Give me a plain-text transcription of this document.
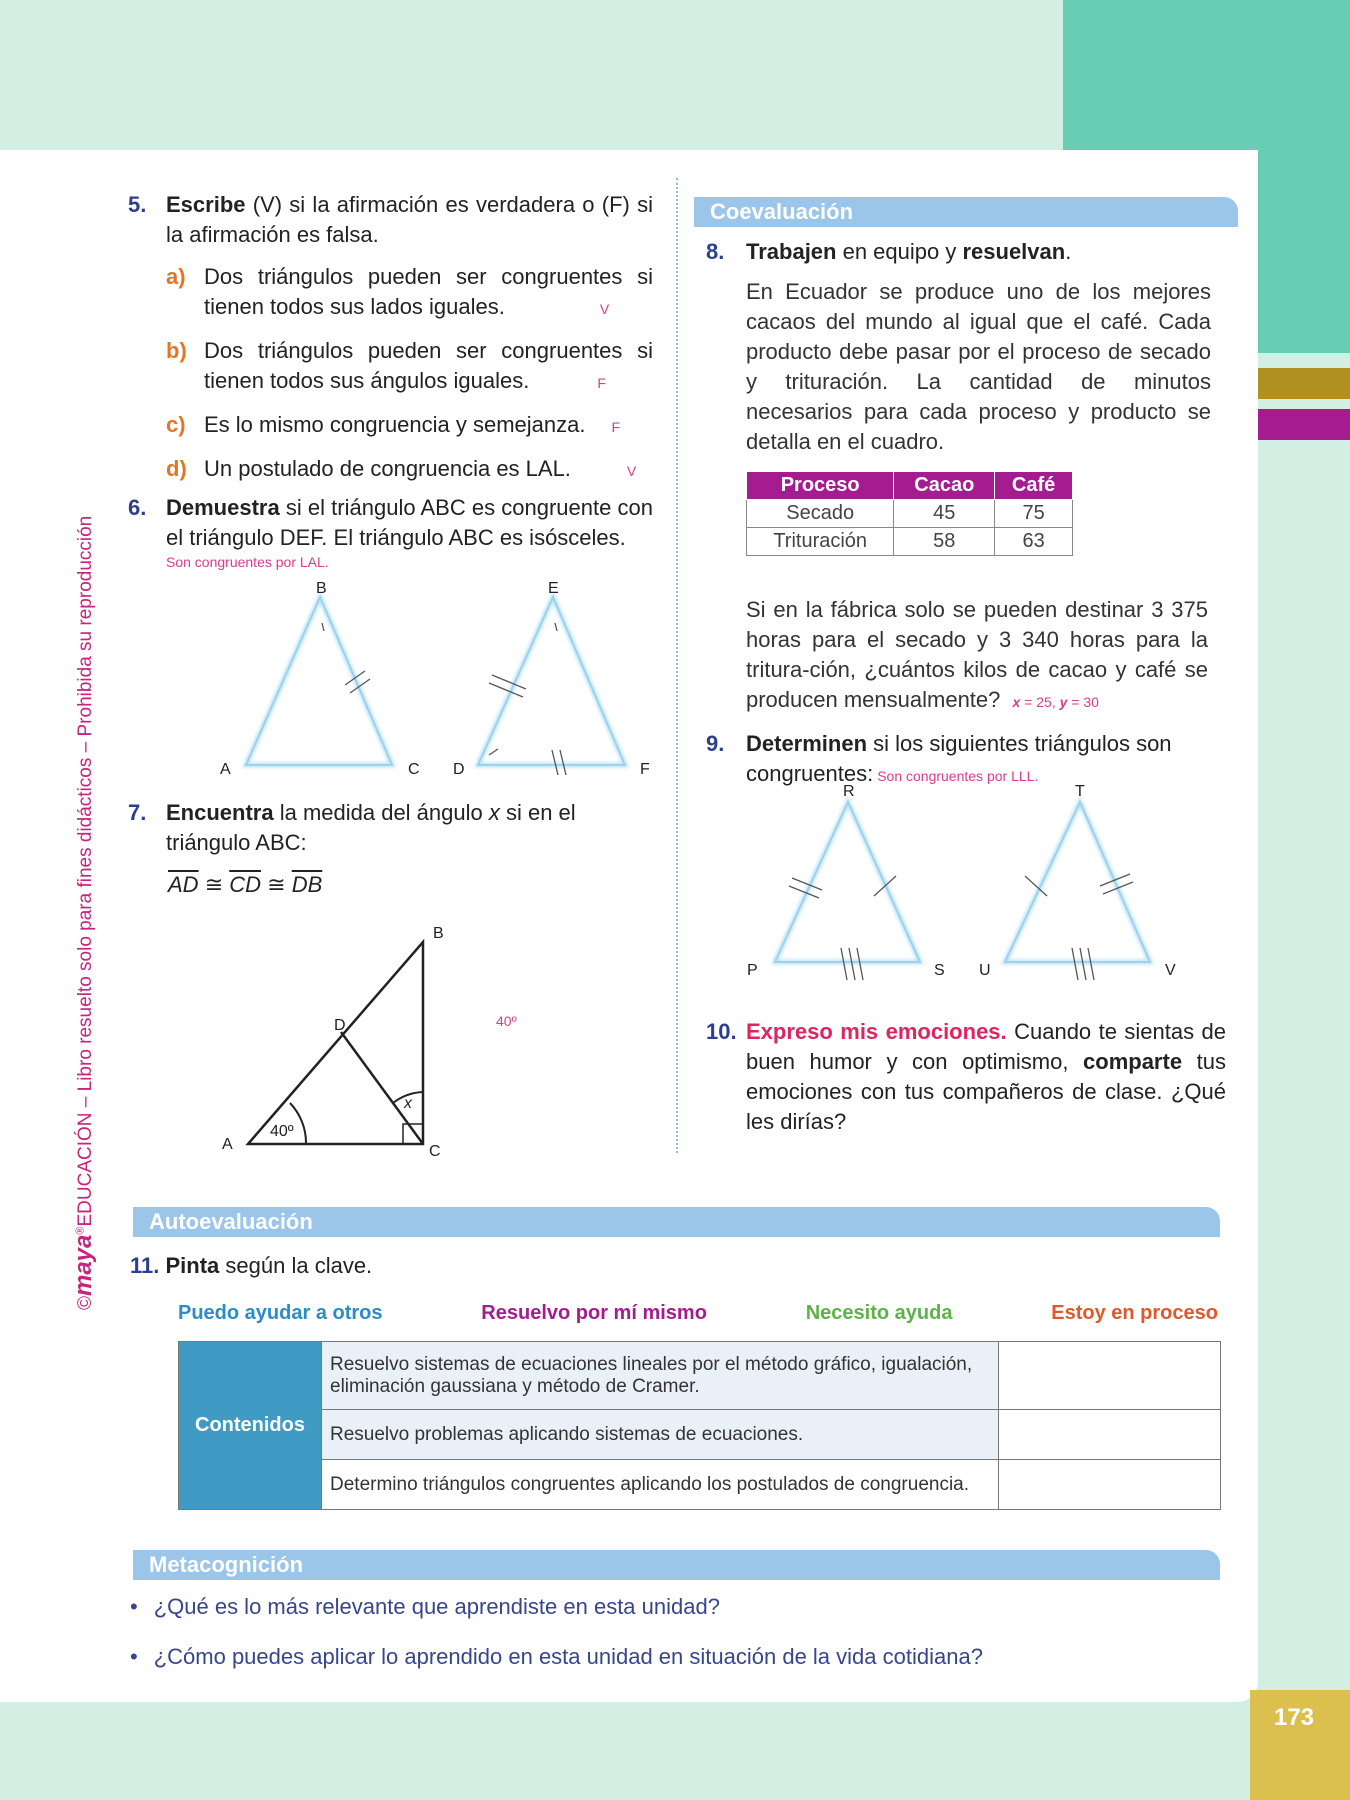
173
©maya®EDUCACIÓN – Libro resuelto solo para fines didácticos – Prohibida su reproducción
5. Escribe (V) si la afirmación es verdadera o (F) si la afirmación es falsa.
a) Dos triángulos pueden ser congruentes si tienen todos sus lados iguales.	V
b) Dos triángulos pueden ser congruentes si tienen todos sus ángulos iguales.	F
c) Es lo mismo congruencia y semejanza. F
d) Un postulado de congruencia es LAL.	V
6. Demuestra si el triángulo ABC es congruente con el triángulo DEF. El triángulo ABC es isósceles.
Son congruentes por LAL.
B
A	C
E
D	F
7. Encuentra la medida del ángulo x si en el triángulo ABC:
$\overline{AD}$ ≅ $\overline{CD}$ ≅ $\overline{DB}$
40º
B
A	C
D
x
40º
Coevaluación
8. Trabajen en equipo y resuelvan.
En Ecuador se produce uno de los mejores cacaos del mundo al igual que el café. Cada producto debe pasar por el proceso de secado y trituración. La cantidad de minutos necesarios para cada proceso y producto se detalla en el cuadro.
Proceso	Cacao	Café
Secado	45	75
Trituración	58	63
Si en la fábrica solo se pueden destinar 3 375 horas para el secado y 3 340 horas para la tritura-ción, ¿cuántos kilos de cacao y café se producen mensualmente? x = 25, y = 30
9. Determinen si los siguientes triángulos son congruentes: Son congruentes por LLL.
R
P	S
T
U	V
10. Expreso mis emociones. Cuando te sientas de buen humor y con optimismo, comparte tus emociones con tus compañeros de clase. ¿Qué les dirías?
Autoevaluación
11. Pinta según la clave.
Puedo ayudar a otros	Resuelvo por mí mismo	Necesito ayuda	Estoy en proceso
Contenidos	Resuelvo sistemas de ecuaciones lineales por el método gráfico, igualación, eliminación gaussiana y método de Cramer.	
	Resuelvo problemas aplicando sistemas de ecuaciones.	
	Determino triángulos congruentes aplicando los postulados de congruencia.	
Metacognición
• ¿Qué es lo más relevante que aprendiste en esta unidad?
• ¿Cómo puedes aplicar lo aprendido en esta unidad en situación de la vida cotidiana?
